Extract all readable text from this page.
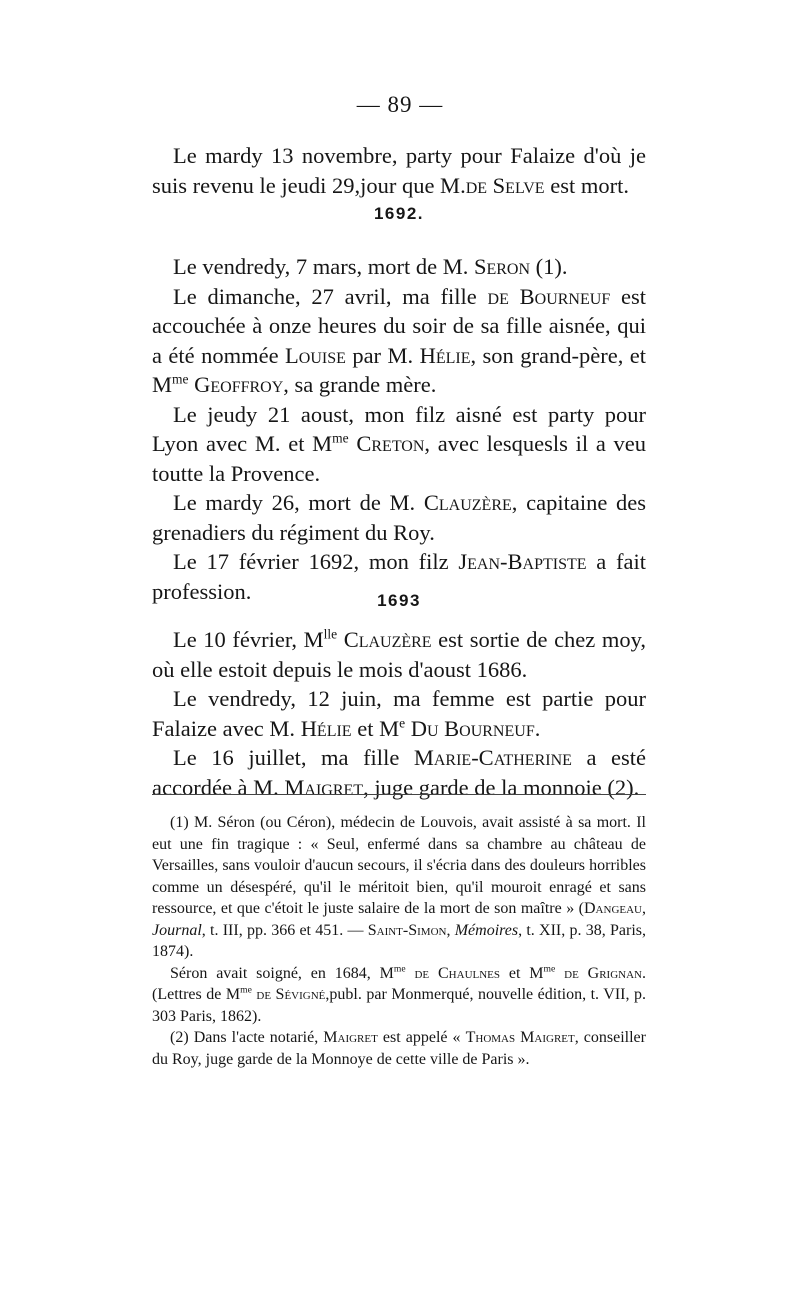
— 89 —

Le mardy 13 novembre, party pour Falaize d'où je suis revenu le jeudi 29,jour que M.de Selve est mort.

1692.

Le vendredy, 7 mars, mort de M. Seron (1).

Le dimanche, 27 avril, ma fille de Bourneuf est accouchée à onze heures du soir de sa fille aisnée, qui a été nommée Louise par M. Hélie, son grand-père, et $M^{me}$ Geoffroy, sa grande mère.

Le jeudy 21 aoust, mon filz aisné est party pour Lyon avec M. et $M^{me}$ Creton, avec lesquesls il a veu toutte la Provence.

Le mardy 26, mort de M. Clauzère, capitaine des grenadiers du régiment du Roy.

Le 17 février 1692, mon filz Jean-Baptiste a fait profession.	1693

Le 10 février, $M^{lle}$ Clauzère est sortie de chez moy, où elle estoit depuis le mois d'aoust 1686.

Le vendredy, 12 juin, ma femme est partie pour Falaize avec M. Hélie et Me Du Bourneuf.

Le 16 juillet, ma fille Marie-Catherine a esté accordée à M. Maigret, juge garde de la monnoie (2).

(1) M. Séron (ou Céron), médecin de Louvois, avait assisté à sa mort. Il eut une fin tragique : « Seul, enfermé dans sa chambre au château de Versailles, sans vouloir d'aucun secours, il s'écria dans des douleurs horribles comme un désespéré, qu'il le méritoit bien, qu'il mouroit enragé et sans ressource, et que c'étoit le juste salaire de la mort de son maître » (Dangeau, Journal, t. III, pp. 366 et 451. — Saint-Simon, Mémoires, t. XII, p. 38, Paris, 1874).

Séron avait soigné, en 1684, $M^{me}$ de Chaulnes et $M^{me}$ de Grignan. (Lettres de $M^{me}$ de Sévigné,publ. par Monmerqué, nouvelle édition, t. VII, p. 303 Paris, 1862).

(2) Dans l'acte notarié, Maigret est appelé « Thomas Maigret, conseiller du Roy, juge garde de la Monnoye de cette ville de Paris ».
